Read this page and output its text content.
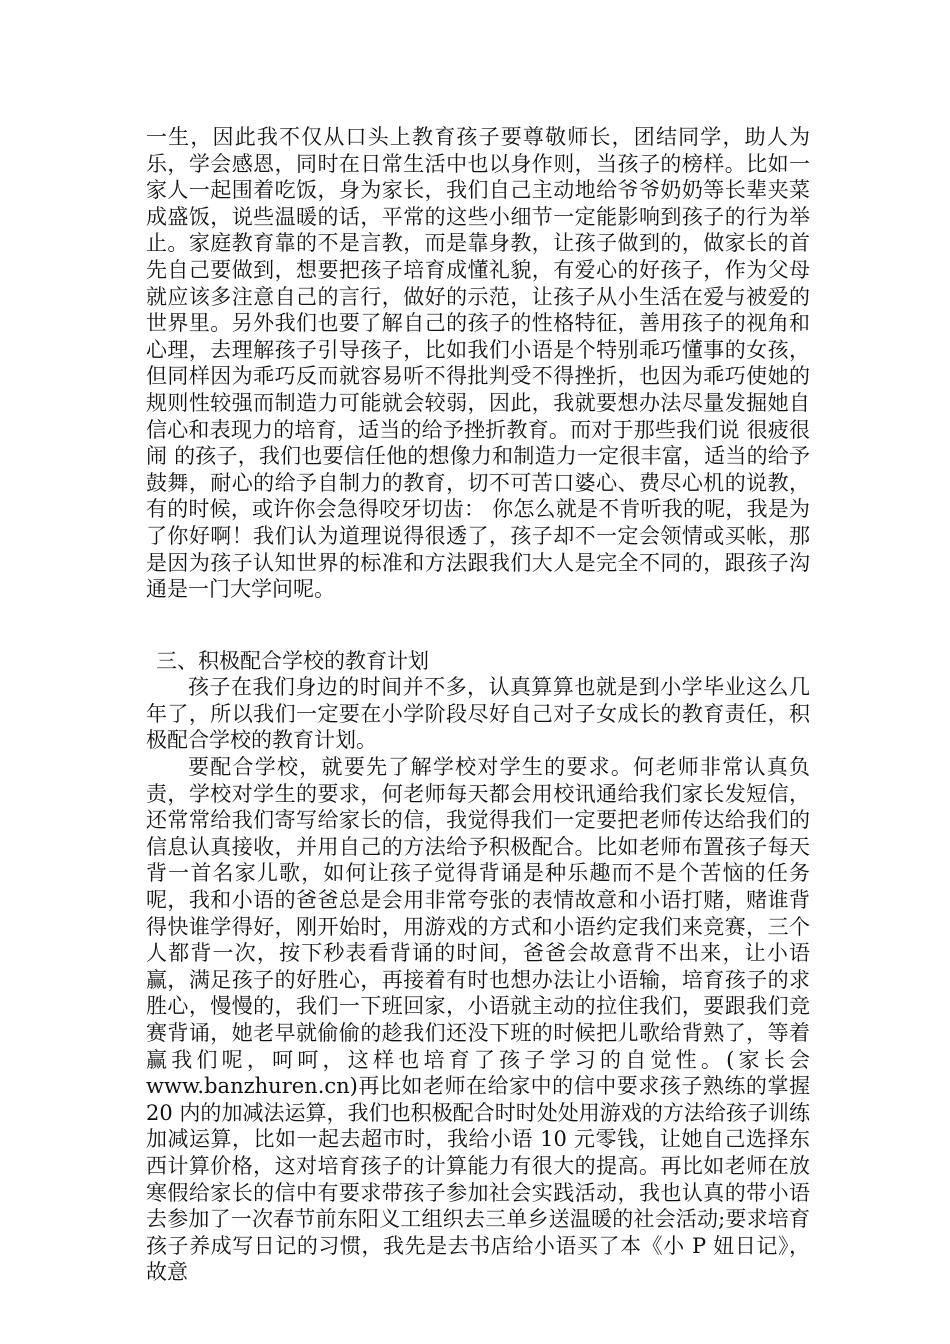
一生，因此我不仅从口头上教育孩子要尊敬师长，团结同学，助人为乐，学会感恩，同时在日常生活中也以身作则，当孩子的榜样。比如一家人一起围着吃饭，身为家长，我们自己主动地给爷爷奶奶等长辈夹菜成盛饭，说些温暖的话，平常的这些小细节一定能影响到孩子的行为举止。家庭教育靠的不是言教，而是靠身教，让孩子做到的，做家长的首先自己要做到，想要把孩子培育成懂礼貌，有爱心的好孩子，作为父母就应该多注意自己的言行，做好的示范，让孩子从小生活在爱与被爱的世界里。另外我们也要了解自己的孩子的性格特征，善用孩子的视角和心理，去理解孩子引导孩子，比如我们小语是个特别乖巧懂事的女孩，但同样因为乖巧反而就容易听不得批判受不得挫折，也因为乖巧使她的规则性较强而制造力可能就会较弱，因此，我就要想办法尽量发掘她自信心和表现力的培育，适当的给予挫折教育。而对于那些我们说 很疲很闹 的孩子，我们也要信任他的想像力和制造力一定很丰富，适当的给予鼓舞，耐心的给予自制力的教育，切不可苦口婆心、费尽心机的说教，有的时候，或许你会急得咬牙切齿： 你怎么就是不肯听我的呢，我是为了你好啊！我们认为道理说得很透了，孩子却不一定会领情或买帐，那是因为孩子认知世界的标准和方法跟我们大人是完全不同的，跟孩子沟通是一门大学问呢。

三、积极配合学校的教育计划

孩子在我们身边的时间并不多，认真算算也就是到小学毕业这么几年了，所以我们一定要在小学阶段尽好自己对子女成长的教育责任，积极配合学校的教育计划。

要配合学校，就要先了解学校对学生的要求。何老师非常认真负责，学校对学生的要求，何老师每天都会用校讯通给我们家长发短信，还常常给我们寄写给家长的信，我觉得我们一定要把老师传达给我们的信息认真接收，并用自己的方法给予积极配合。比如老师布置孩子每天背一首名家儿歌，如何让孩子觉得背诵是种乐趣而不是个苦恼的任务呢，我和小语的爸爸总是会用非常夸张的表情故意和小语打赌，赌谁背得快谁学得好，刚开始时，用游戏的方式和小语约定我们来竞赛，三个人都背一次，按下秒表看背诵的时间，爸爸会故意背不出来，让小语赢，满足孩子的好胜心，再接着有时也想办法让小语输，培育孩子的求胜心，慢慢的，我们一下班回家，小语就主动的拉住我们，要跟我们竞赛背诵，她老早就偷偷的趁我们还没下班的时候把儿歌给背熟了，等着赢我们呢，呵呵，这样也培育了孩子学习的自觉性。(家长会 www.banzhuren.cn)再比如老师在给家中的信中要求孩子熟练的掌握 20 内的加减法运算，我们也积极配合时时处处用游戏的方法给孩子训练加减运算，比如一起去超市时，我给小语 10 元零钱，让她自己选择东西计算价格，这对培育孩子的计算能力有很大的提高。再比如老师在放寒假给家长的信中有要求带孩子参加社会实践活动，我也认真的带小语去参加了一次春节前东阳义工组织去三单乡送温暖的社会活动;要求培育孩子养成写日记的习惯，我先是去书店给小语买了本《小 P 妞日记》，故意
